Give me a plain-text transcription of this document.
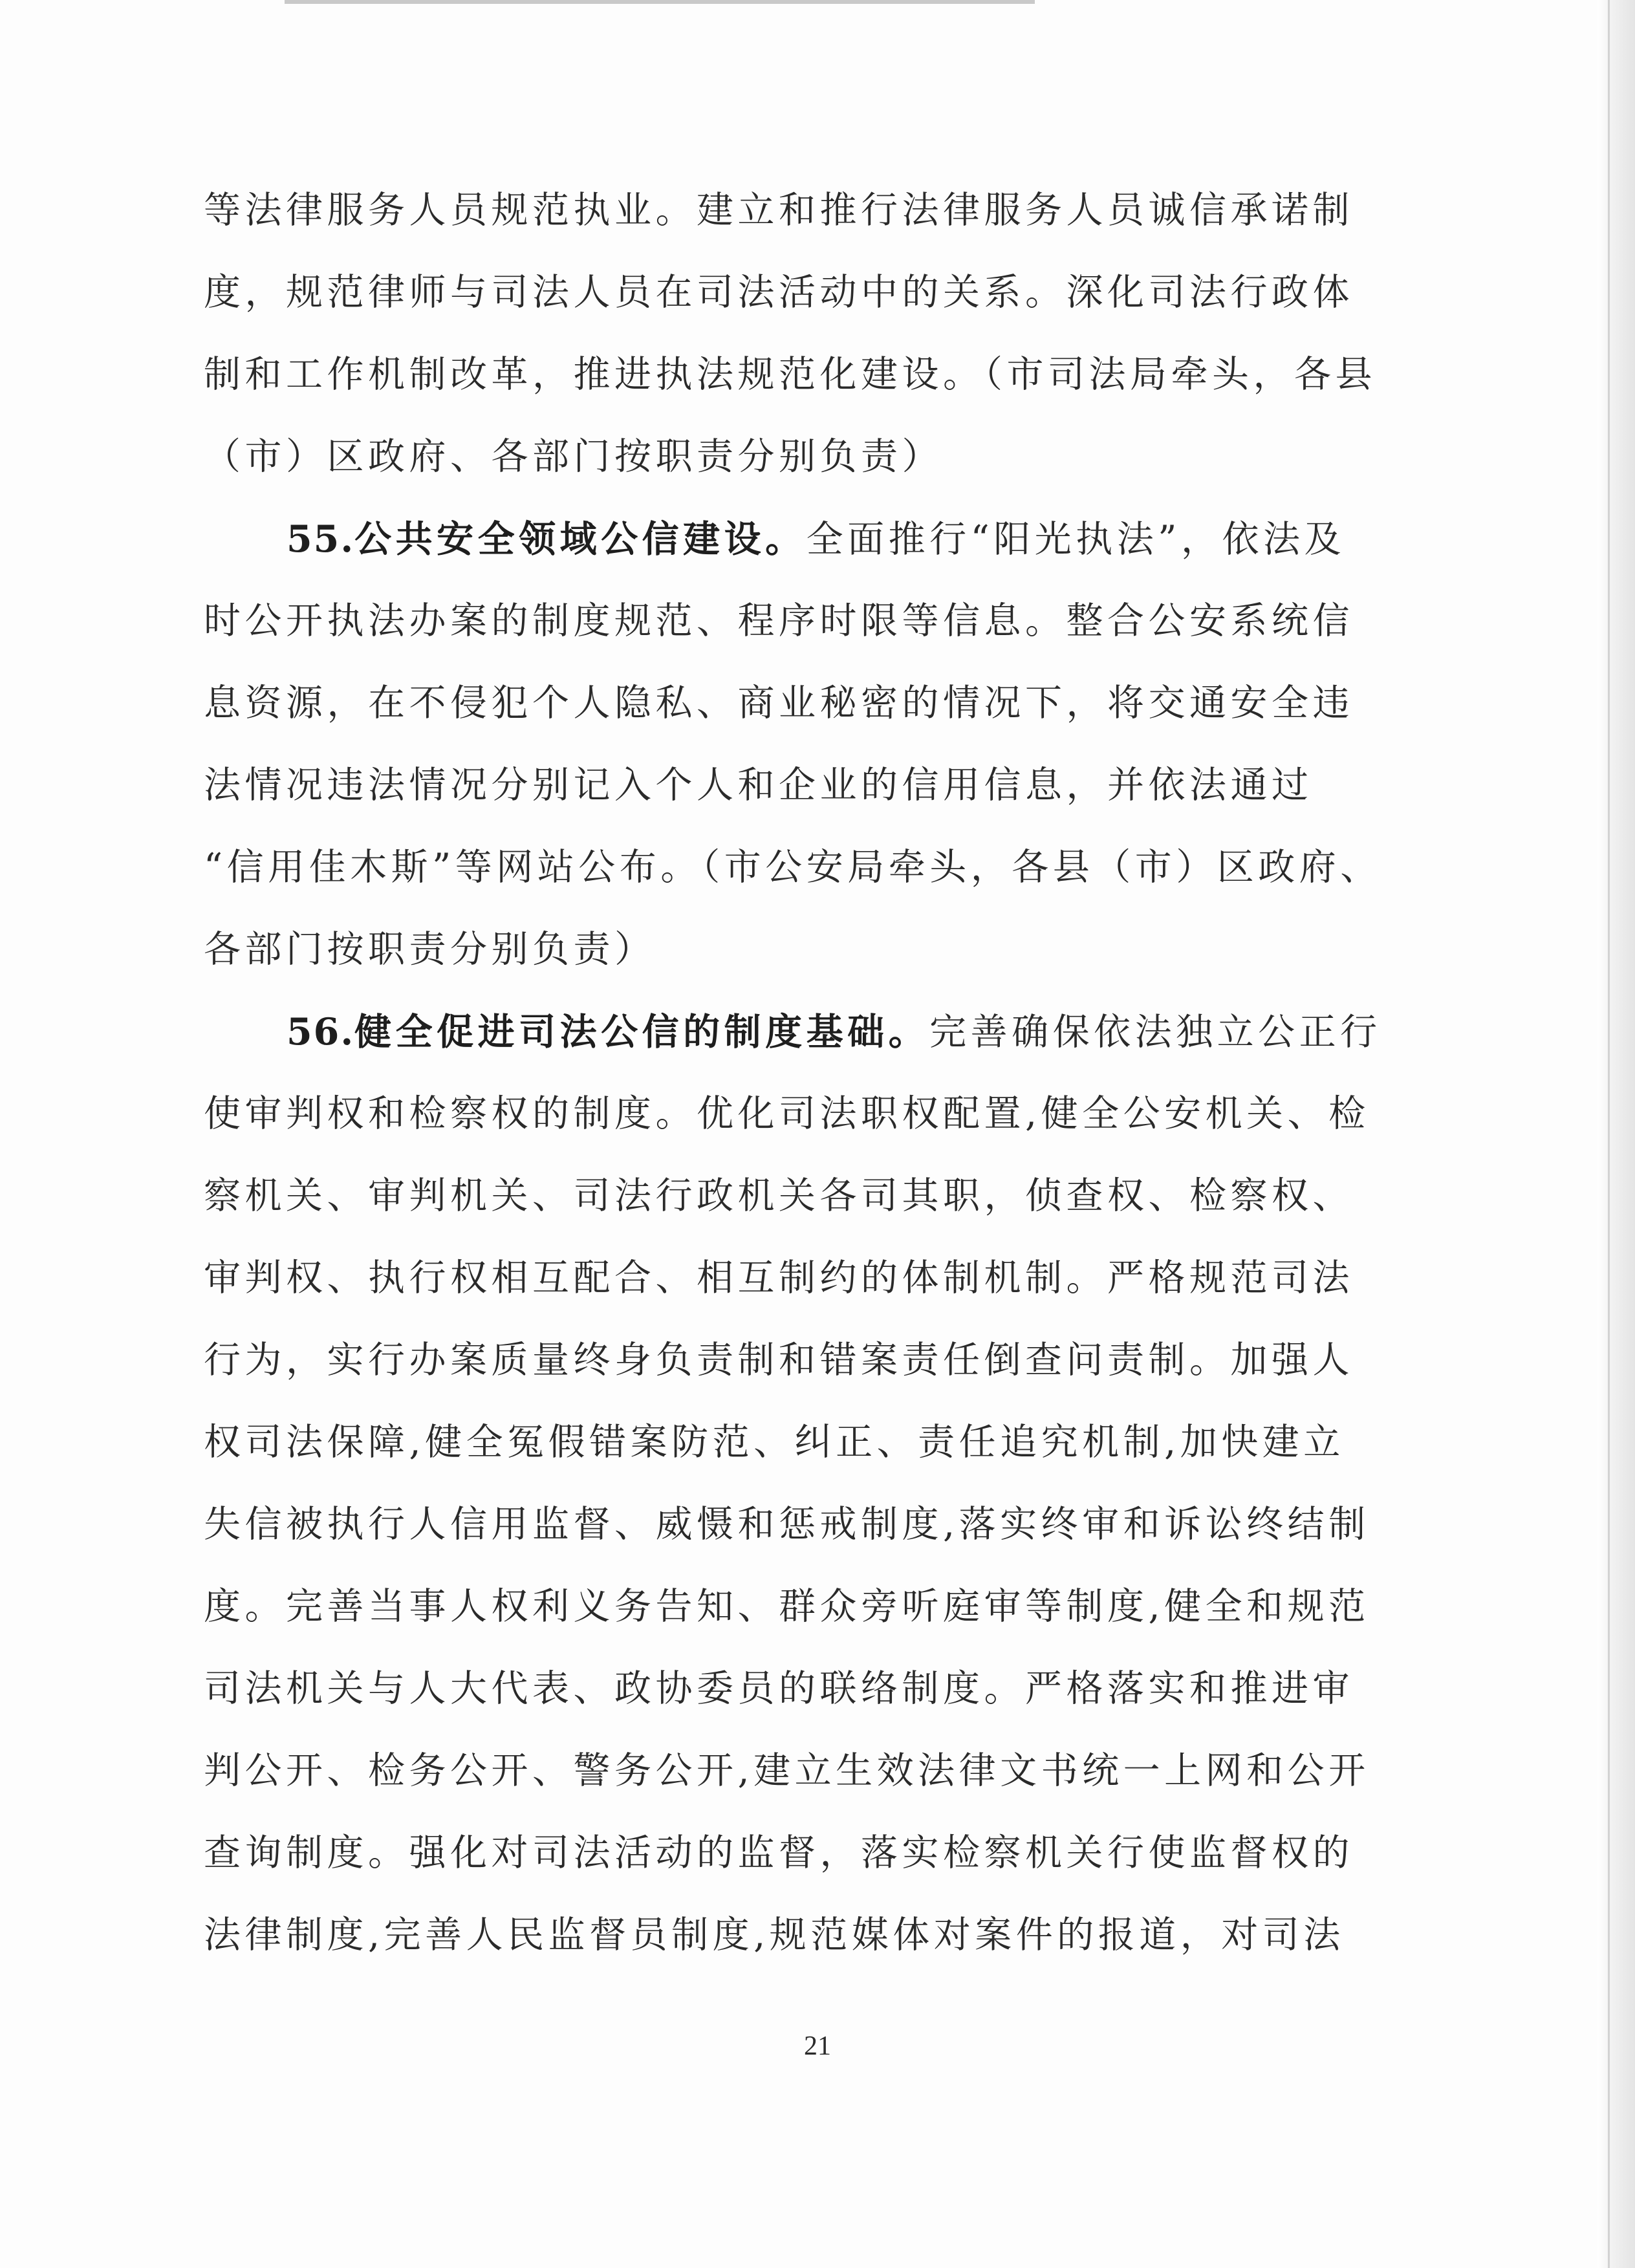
等法律服务人员规范执业。建立和推行法律服务人员诚信承诺制
度，规范律师与司法人员在司法活动中的关系。深化司法行政体
制和工作机制改革，推进执法规范化建设。（市司法局牵头，各县
（市）区政府、各部门按职责分别负责）
55.公共安全领域公信建设。全面推行“阳光执法”，依法及
时公开执法办案的制度规范、程序时限等信息。整合公安系统信
息资源，在不侵犯个人隐私、商业秘密的情况下，将交通安全违
法情况违法情况分别记入个人和企业的信用信息，并依法通过
“信用佳木斯”等网站公布。（市公安局牵头，各县（市）区政府、
各部门按职责分别负责）
56.健全促进司法公信的制度基础。完善确保依法独立公正行
使审判权和检察权的制度。优化司法职权配置,健全公安机关、检
察机关、审判机关、司法行政机关各司其职，侦查权、检察权、
审判权、执行权相互配合、相互制约的体制机制。严格规范司法
行为，实行办案质量终身负责制和错案责任倒查问责制。加强人
权司法保障,健全冤假错案防范、纠正、责任追究机制,加快建立
失信被执行人信用监督、威慑和惩戒制度,落实终审和诉讼终结制
度。完善当事人权利义务告知、群众旁听庭审等制度,健全和规范
司法机关与人大代表、政协委员的联络制度。严格落实和推进审
判公开、检务公开、警务公开,建立生效法律文书统一上网和公开
查询制度。强化对司法活动的监督，落实检察机关行使监督权的
法律制度,完善人民监督员制度,规范媒体对案件的报道，对司法
21
